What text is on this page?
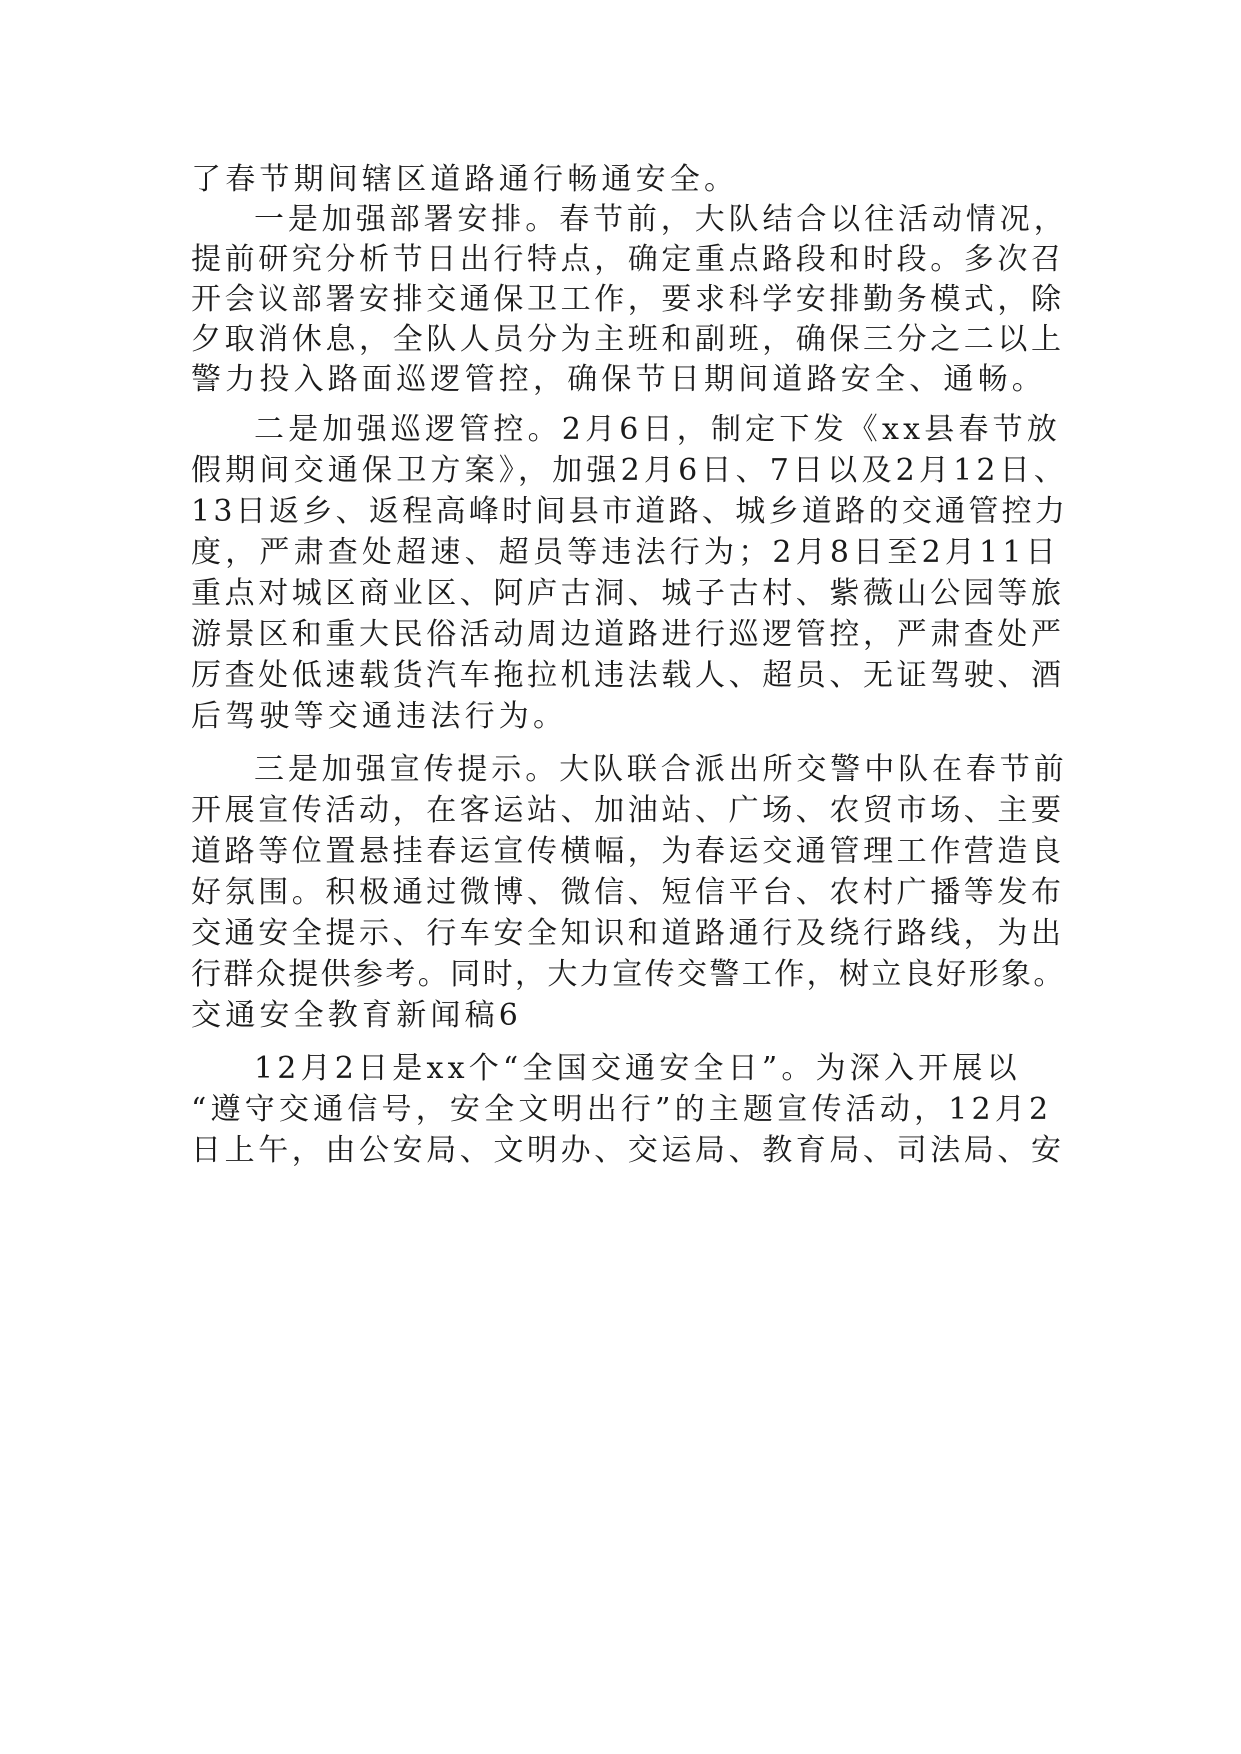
了春节期间辖区道路通行畅通安全。
一是加强部署安排。春节前，大队结合以往活动情况，
提前研究分析节日出行特点，确定重点路段和时段。多次召
开会议部署安排交通保卫工作，要求科学安排勤务模式，除
夕取消休息，全队人员分为主班和副班，确保三分之二以上
警力投入路面巡逻管控，确保节日期间道路安全、通畅。
二是加强巡逻管控。2月6日，制定下发《xx县春节放
假期间交通保卫方案》，加强2月6日、7日以及2月12日、
13日返乡、返程高峰时间县市道路、城乡道路的交通管控力
度，严肃查处超速、超员等违法行为；2月8日至2月11日
重点对城区商业区、阿庐古洞、城子古村、紫薇山公园等旅
游景区和重大民俗活动周边道路进行巡逻管控，严肃查处严
厉查处低速载货汽车拖拉机违法载人、超员、无证驾驶、酒
后驾驶等交通违法行为。
三是加强宣传提示。大队联合派出所交警中队在春节前
开展宣传活动，在客运站、加油站、广场、农贸市场、主要
道路等位置悬挂春运宣传横幅，为春运交通管理工作营造良
好氛围。积极通过微博、微信、短信平台、农村广播等发布
交通安全提示、行车安全知识和道路通行及绕行路线，为出
行群众提供参考。同时，大力宣传交警工作，树立良好形象。
交通安全教育新闻稿6
12月2日是xx个“全国交通安全日”。为深入开展以
“遵守交通信号，安全文明出行”的主题宣传活动，12月2
日上午，由公安局、文明办、交运局、教育局、司法局、安
